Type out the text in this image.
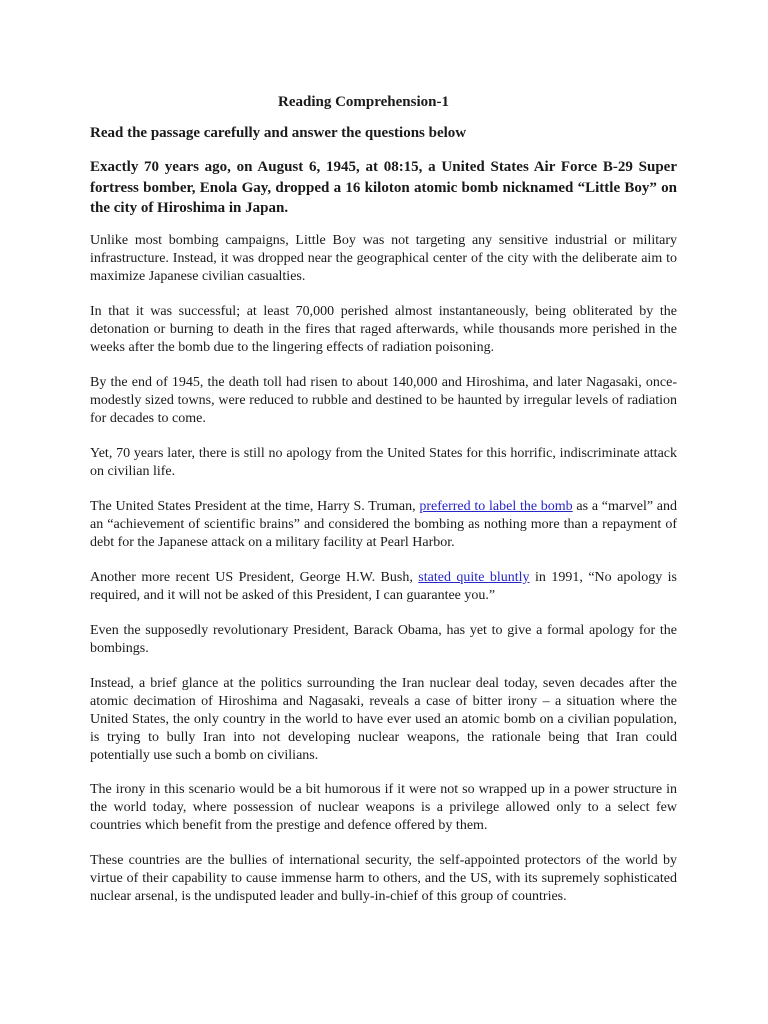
Reading Comprehension-1
Read the passage carefully and answer the questions below
Exactly 70 years ago, on August 6, 1945, at 08:15, a United States Air Force B-29 Super fortress bomber, Enola Gay, dropped a 16 kiloton atomic bomb nicknamed “Little Boy” on the city of Hiroshima in Japan.

Unlike most bombing campaigns, Little Boy was not targeting any sensitive industrial or military infrastructure. Instead, it was dropped near the geographical center of the city with the deliberate aim to maximize Japanese civilian casualties.

In that it was successful; at least 70,000 perished almost instantaneously, being obliterated by the detonation or burning to death in the fires that raged afterwards, while thousands more perished in the weeks after the bomb due to the lingering effects of radiation poisoning.

By the end of 1945, the death toll had risen to about 140,000 and Hiroshima, and later Nagasaki, once-modestly sized towns, were reduced to rubble and destined to be haunted by irregular levels of radiation for decades to come.

Yet, 70 years later, there is still no apology from the United States for this horrific, indiscriminate attack on civilian life.

The United States President at the time, Harry S. Truman, preferred to label the bomb as a “marvel” and an “achievement of scientific brains” and considered the bombing as nothing more than a repayment of debt for the Japanese attack on a military facility at Pearl Harbor.

Another more recent US President, George H.W. Bush, stated quite bluntly in 1991, “No apology is required, and it will not be asked of this President, I can guarantee you.”

Even the supposedly revolutionary President, Barack Obama, has yet to give a formal apology for the bombings.

Instead, a brief glance at the politics surrounding the Iran nuclear deal today, seven decades after the atomic decimation of Hiroshima and Nagasaki, reveals a case of bitter irony – a situation where the United States, the only country in the world to have ever used an atomic bomb on a civilian population, is trying to bully Iran into not developing nuclear weapons, the rationale being that Iran could potentially use such a bomb on civilians.

The irony in this scenario would be a bit humorous if it were not so wrapped up in a power structure in the world today, where possession of nuclear weapons is a privilege allowed only to a select few countries which benefit from the prestige and defence offered by them.

These countries are the bullies of international security, the self-appointed protectors of the world by virtue of their capability to cause immense harm to others, and the US, with its supremely sophisticated nuclear arsenal, is the undisputed leader and bully-in-chief of this group of countries.
